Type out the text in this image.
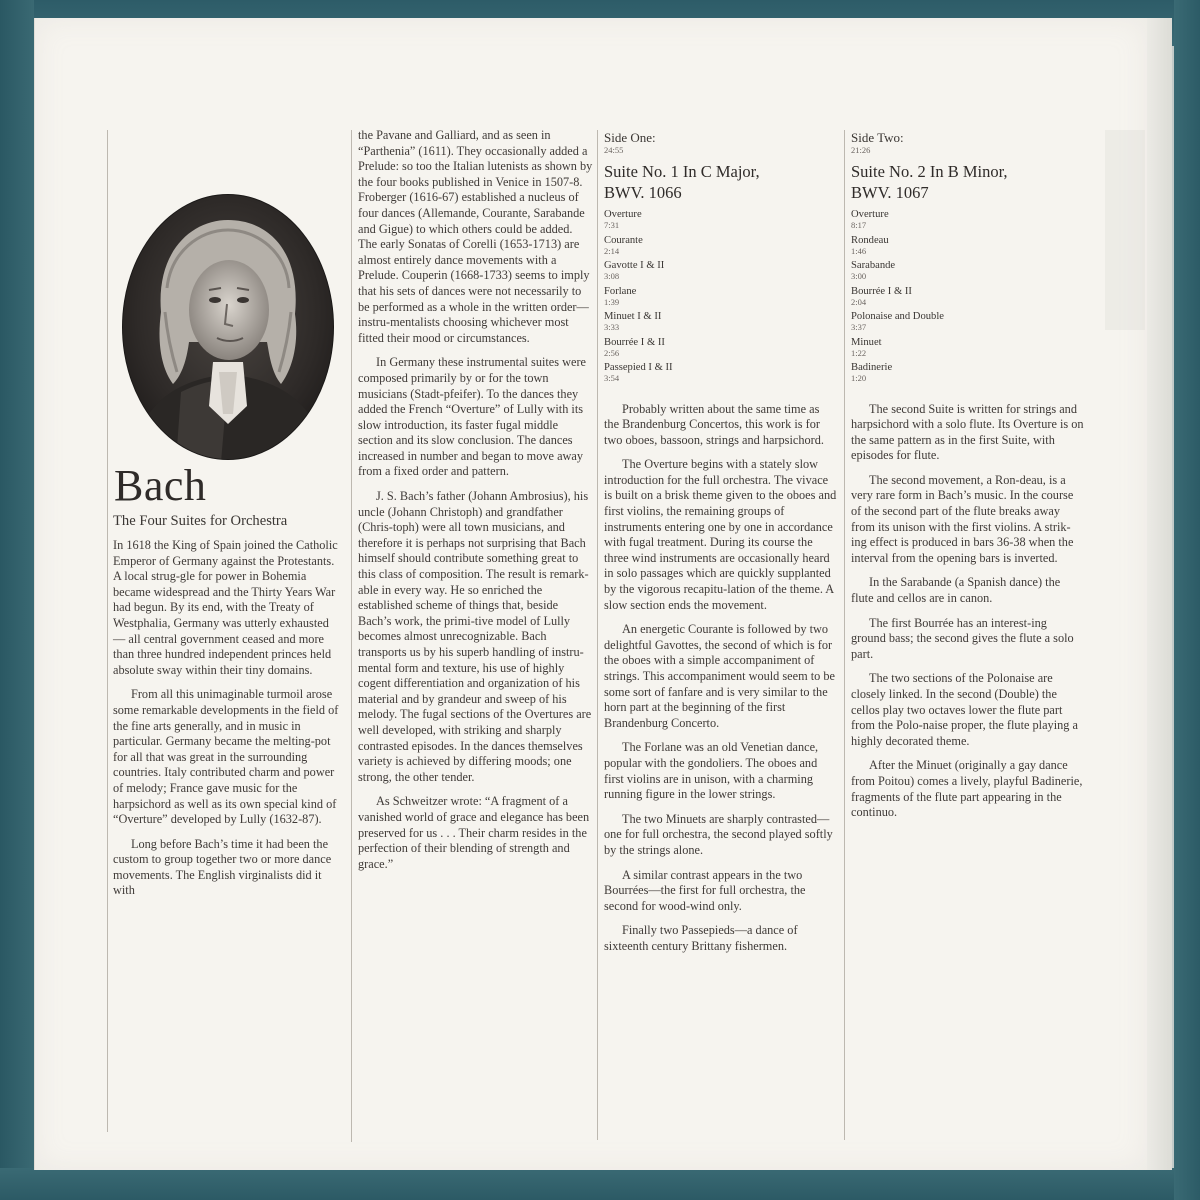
Bach
The Four Suites for Orchestra

In 1618 the King of Spain joined the Catholic Emperor of Germany against the Protestants. A local strug-gle for power in Bohemia became widespread and the Thirty Years War had begun. By its end, with the Treaty of Westphalia, Germany was utterly exhausted — all central government ceased and more than three hundred independent princes held absolute sway within their tiny domains.

From all this unimaginable turmoil arose some remarkable developments in the field of the fine arts generally, and in music in particular. Germany became the melting-pot for all that was great in the surrounding countries. Italy contributed charm and power of melody; France gave music for the harpsichord as well as its own special kind of “Overture” developed by Lully (1632-87).

Long before Bach’s time it had been the custom to group together two or more dance movements. The English virginalists did it with

the Pavane and Galliard, and as seen in “Parthenia” (1611). They occasionally added a Prelude: so too the Italian lutenists as shown by the four books published in Venice in 1507-8. Froberger (1616-67) established a nucleus of four dances (Allemande, Courante, Sarabande and Gigue) to which others could be added. The early Sonatas of Corelli (1653-1713) are almost entirely dance movements with a Prelude. Couperin (1668-1733) seems to imply that his sets of dances were not necessarily to be performed as a whole in the written order—instru-mentalists choosing whichever most fitted their mood or circumstances.

In Germany these instrumental suites were composed primarily by or for the town musicians (Stadt-pfeifer). To the dances they added the French “Overture” of Lully with its slow introduction, its faster fugal middle section and its slow conclusion. The dances increased in number and began to move away from a fixed order and pattern.

J. S. Bach’s father (Johann Ambrosius), his uncle (Johann Christoph) and grandfather (Chris-toph) were all town musicians, and therefore it is perhaps not surprising that Bach himself should contribute something great to this class of composition. The result is remark-able in every way. He so enriched the established scheme of things that, beside Bach’s work, the primi-tive model of Lully becomes almost unrecognizable. Bach transports us by his superb handling of instru-mental form and texture, his use of highly cogent differentiation and organization of his material and by grandeur and sweep of his melody. The fugal sections of the Overtures are well developed, with striking and sharply contrasted episodes. In the dances themselves variety is achieved by differing moods; one strong, the other tender.

As Schweitzer wrote: “A fragment of a vanished world of grace and elegance has been preserved for us . . . Their charm resides in the perfection of their blending of strength and grace.”

Side One:
24:55
Suite No. 1 In C Major,
BWV. 1066
Overture
7:31
Courante
2:14
Gavotte I & II
3:08
Forlane
1:39
Minuet I & II
3:33
Bourrée I & II
2:56
Passepied I & II
3:54

Probably written about the same time as the Brandenburg Concertos, this work is for two oboes, bassoon, strings and harpsichord.

The Overture begins with a stately slow introduction for the full orchestra. The vivace is built on a brisk theme given to the oboes and first violins, the remaining groups of instruments entering one by one in accordance with fugal treatment. During its course the three wind instruments are occasionally heard in solo passages which are quickly supplanted by the vigorous recapitu-lation of the theme. A slow section ends the movement.

An energetic Courante is followed by two delightful Gavottes, the second of which is for the oboes with a simple accompaniment of strings. This accompaniment would seem to be some sort of fanfare and is very similar to the horn part at the beginning of the first Brandenburg Concerto.

The Forlane was an old Venetian dance, popular with the gondoliers. The oboes and first violins are in unison, with a charming running figure in the lower strings.

The two Minuets are sharply contrasted—one for full orchestra, the second played softly by the strings alone.

A similar contrast appears in the two Bourrées—the first for full orchestra, the second for wood-wind only.

Finally two Passepieds—a dance of sixteenth century Brittany fishermen.

Side Two:
21:26
Suite No. 2 In B Minor,
BWV. 1067
Overture
8:17
Rondeau
1:46
Sarabande
3:00
Bourrée I & II
2:04
Polonaise and Double
3:37
Minuet
1:22
Badinerie
1:20

The second Suite is written for strings and harpsichord with a solo flute. Its Overture is on the same pattern as in the first Suite, with episodes for flute.

The second movement, a Ron-deau, is a very rare form in Bach’s music. In the course of the second part of the flute breaks away from its unison with the first violins. A strik-ing effect is produced in bars 36-38 when the interval from the opening bars is inverted.

In the Sarabande (a Spanish dance) the flute and cellos are in canon.

The first Bourrée has an interest-ing ground bass; the second gives the flute a solo part.

The two sections of the Polonaise are closely linked. In the second (Double) the cellos play two octaves lower the flute part from the Polo-naise proper, the flute playing a highly decorated theme.

After the Minuet (originally a gay dance from Poitou) comes a lively, playful Badinerie, fragments of the flute part appearing in the continuo.
